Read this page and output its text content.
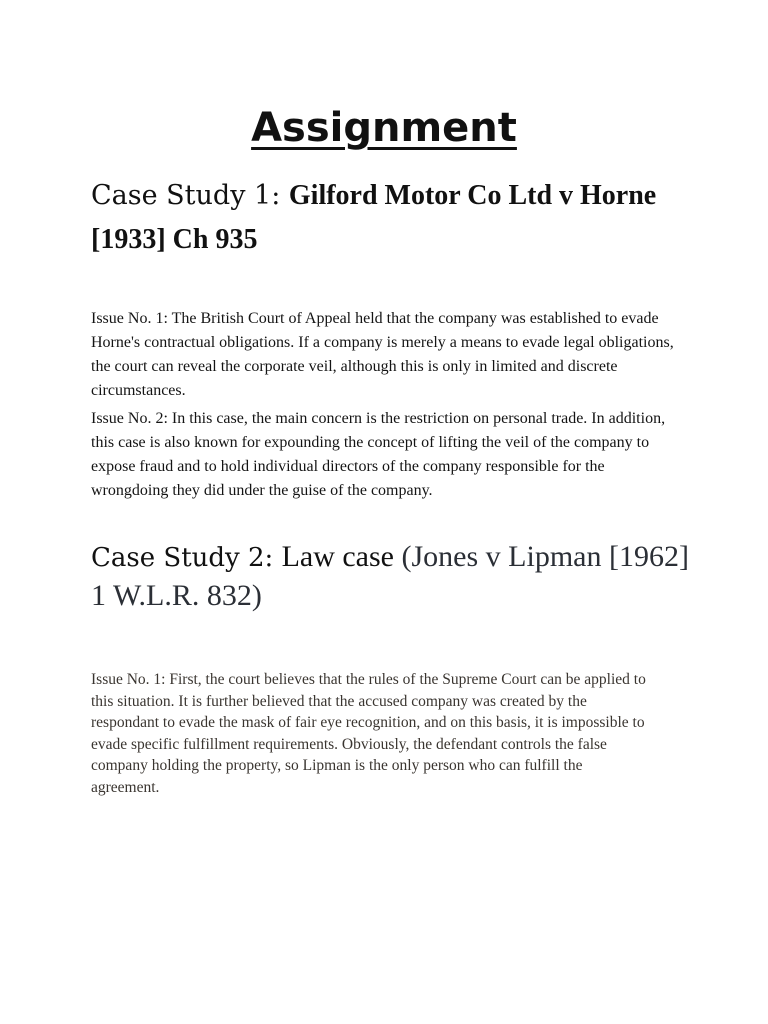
Assignment
Case Study 1: Gilford Motor Co Ltd v Horne [1933] Ch 935

Issue No. 1: The British Court of Appeal held that the company was established to evade Horne's contractual obligations. If a company is merely a means to evade legal obligations, the court can reveal the corporate veil, although this is only in limited and discrete circumstances.

Issue No. 2: In this case, the main concern is the restriction on personal trade. In addition, this case is also known for expounding the concept of lifting the veil of the company to expose fraud and to hold individual directors of the company responsible for the wrongdoing they did under the guise of the company.

Case Study 2: Law case (Jones v Lipman [1962] 1 W.L.R. 832)

Issue No. 1: First, the court believes that the rules of the Supreme Court can be applied to this situation. It is further believed that the accused company was created by the respondant to evade the mask of fair eye recognition, and on this basis, it is impossible to evade specific fulfillment requirements. Obviously, the defendant controls the false company holding the property, so Lipman is the only person who can fulfill the agreement.
